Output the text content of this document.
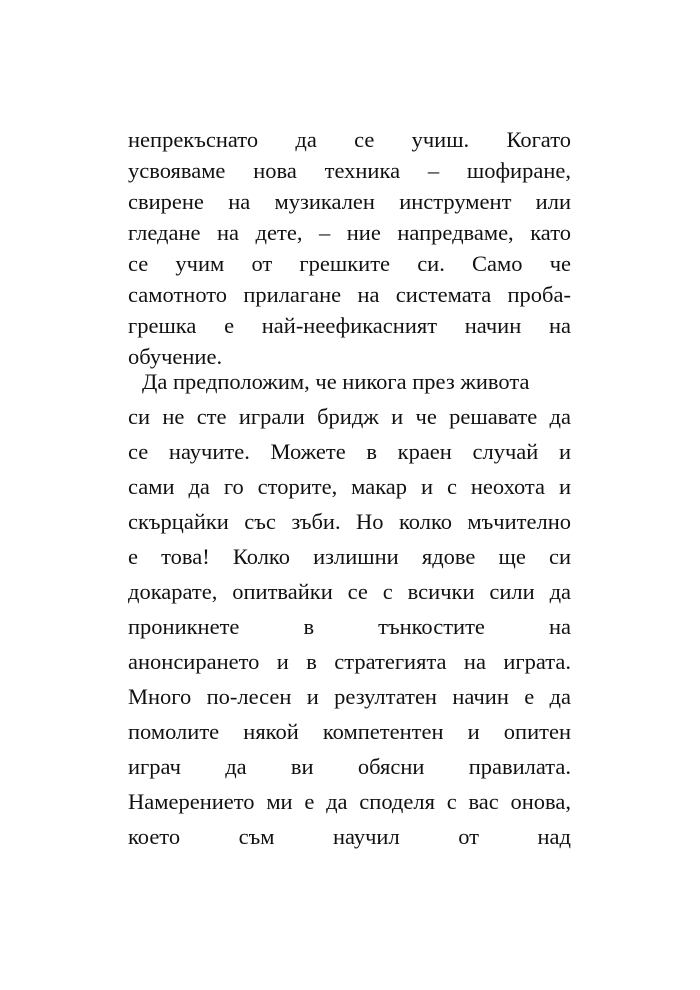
непрекъснато да се учиш. Когато
усвояваме нова техника – шофиране,
свирене на музикален инструмент или
гледане на дете, – ние напредваме, като
се учим от грешките си. Само че
самотното прилагане на системата проба-
грешка е най-неефикасният начин на
обучение.
Да предположим, че никога през живота
си не сте играли бридж и че решавате да
се научите. Можете в краен случай и
сами да го сторите, макар и с неохота и
скърцайки със зъби. Но колко мъчително
е това! Колко излишни ядове ще си
докарате, опитвайки се с всички сили да
проникнете в тънкостите на
анонсирането и в стратегията на играта.
Много по-лесен и резултатен начин е да
помолите някой компетентен и опитен
играч да ви обясни правилата.
Намерението ми е да споделя с вас онова,
което съм научил от над
